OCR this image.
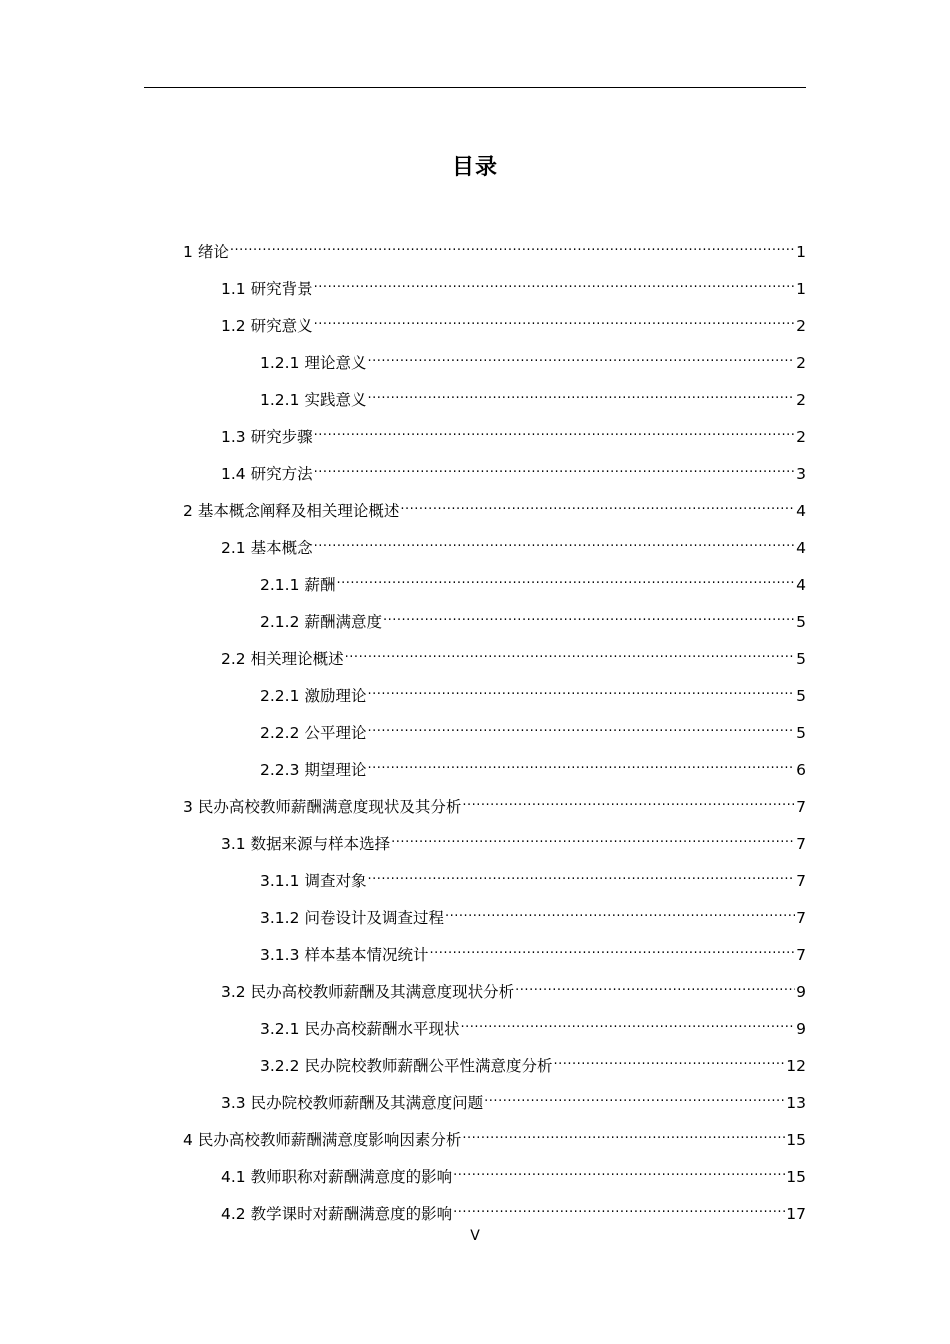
目录
1 绪论 .....	1
1.1 研究背景 .....	1
1.2 研究意义 .....	2
1.2.1 理论意义 .....	2
1.2.1 实践意义 .....	2
1.3 研究步骤 .....	2
1.4 研究方法 .....	3
2 基本概念阐释及相关理论概述 .....	4
2.1 基本概念 .....	4
2.1.1 薪酬 .....	4
2.1.2 薪酬满意度 .....	5
2.2 相关理论概述 .....	5
2.2.1 激励理论 .....	5
2.2.2 公平理论 .....	5
2.2.3 期望理论 .....	6
3 民办高校教师薪酬满意度现状及其分析 .....	7
3.1 数据来源与样本选择 .....	7
3.1.1 调查对象 .....	7
3.1.2 问卷设计及调查过程 .....	7
3.1.3 样本基本情况统计 .....	7
3.2 民办高校教师薪酬及其满意度现状分析 .....	9
3.2.1 民办高校薪酬水平现状 .....	9
3.2.2 民办院校教师薪酬公平性满意度分析 .....	12
3.3 民办院校教师薪酬及其满意度问题 .....	13
4 民办高校教师薪酬满意度影响因素分析 .....	15
4.1 教师职称对薪酬满意度的影响 .....	15
4.2 教学课时对薪酬满意度的影响 .....	17
V
